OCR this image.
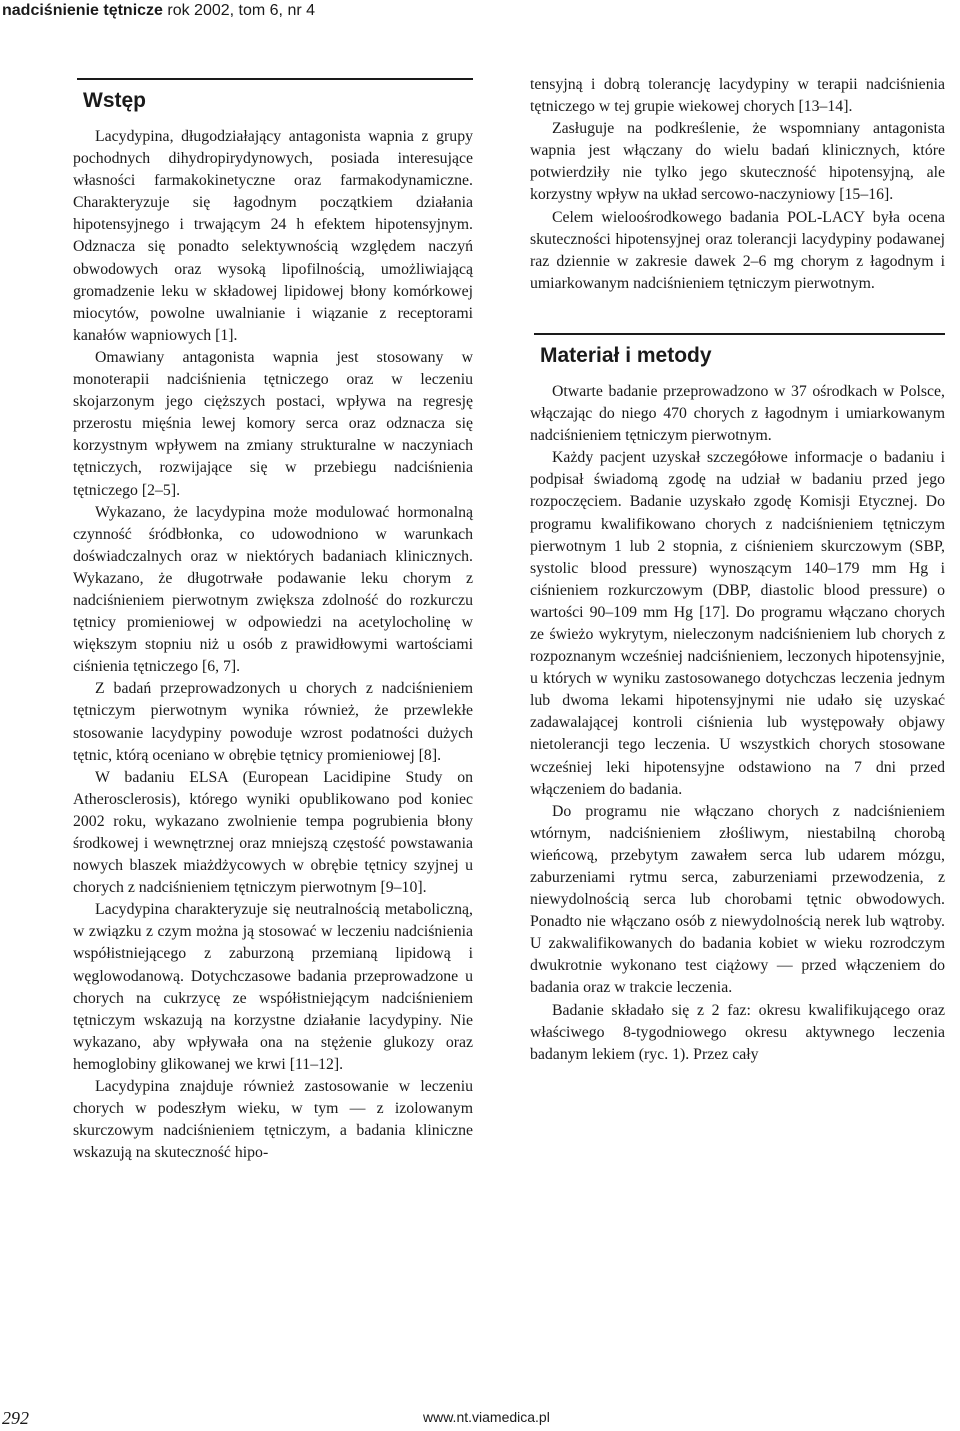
nadciśnienie tętnicze rok 2002, tom 6, nr 4
Wstęp

Lacydypina, długodziałający antagonista wapnia z grupy pochodnych dihydropirydynowych, posiada interesujące własności farmakokinetyczne oraz farmakodynamiczne. Charakteryzuje się łagodnym początkiem działania hipotensyjnego i trwającym 24 h efektem hipotensyjnym. Odznacza się ponadto selektywnością względem naczyń obwodowych oraz wysoką lipofilnością, umożliwiającą gromadzenie leku w składowej lipidowej błony komórkowej miocytów, powolne uwalnianie i wiązanie z receptorami kanałów wapniowych [1].

Omawiany antagonista wapnia jest stosowany w monoterapii nadciśnienia tętniczego oraz w leczeniu skojarzonym jego cięższych postaci, wpływa na regresję przerostu mięśnia lewej komory serca oraz odznacza się korzystnym wpływem na zmiany strukturalne w naczyniach tętniczych, rozwijające się w przebiegu nadciśnienia tętniczego [2–5].

Wykazano, że lacydypina może modulować hormonalną czynność śródbłonka, co udowodniono w warunkach doświadczalnych oraz w niektórych badaniach klinicznych. Wykazano, że długotrwałe podawanie leku chorym z nadciśnieniem pierwotnym zwiększa zdolność do rozkurczu tętnicy promieniowej w odpowiedzi na acetylocholinę w większym stopniu niż u osób z prawidłowymi wartościami ciśnienia tętniczego [6, 7].

Z badań przeprowadzonych u chorych z nadciśnieniem tętniczym pierwotnym wynika również, że przewlekłe stosowanie lacydypiny powoduje wzrost podatności dużych tętnic, którą oceniano w obrębie tętnicy promieniowej [8].

W badaniu ELSA (European Lacidipine Study on Atherosclerosis), którego wyniki opublikowano pod koniec 2002 roku, wykazano zwolnienie tempa pogrubienia błony środkowej i wewnętrznej oraz mniejszą częstość powstawania nowych blaszek miażdżycowych w obrębie tętnicy szyjnej u chorych z nadciśnieniem tętniczym pierwotnym [9–10].

Lacydypina charakteryzuje się neutralnością metaboliczną, w związku z czym można ją stosować w leczeniu nadciśnienia współistniejącego z zaburzoną przemianą lipidową i węglowodanową. Dotychczasowe badania przeprowadzone u chorych na cukrzycę ze współistniejącym nadciśnieniem tętniczym wskazują na korzystne działanie lacydypiny. Nie wykazano, aby wpływała ona na stężenie glukozy oraz hemoglobiny glikowanej we krwi [11–12].

Lacydypina znajduje również zastosowanie w leczeniu chorych w podeszłym wieku, w tym — z izolowanym skurczowym nadciśnieniem tętniczym, a badania kliniczne wskazują na skuteczność hipo-

tensyjną i dobrą tolerancję lacydypiny w terapii nadciśnienia tętniczego w tej grupie wiekowej chorych [13–14].

Zasługuje na podkreślenie, że wspomniany antagonista wapnia jest włączany do wielu badań klinicznych, które potwierdziły nie tylko jego skuteczność hipotensyjną, ale korzystny wpływ na układ sercowo-naczyniowy [15–16].

Celem wieloośrodkowego badania POL-LACY była ocena skuteczności hipotensyjnej oraz tolerancji lacydypiny podawanej raz dziennie w zakresie dawek 2–6 mg chorym z łagodnym i umiarkowanym nadciśnieniem tętniczym pierwotnym.

Materiał i metody

Otwarte badanie przeprowadzono w 37 ośrodkach w Polsce, włączając do niego 470 chorych z łagodnym i umiarkowanym nadciśnieniem tętniczym pierwotnym.

Każdy pacjent uzyskał szczegółowe informacje o badaniu i podpisał świadomą zgodę na udział w badaniu przed jego rozpoczęciem. Badanie uzyskało zgodę Komisji Etycznej. Do programu kwalifikowano chorych z nadciśnieniem tętniczym pierwotnym 1 lub 2 stopnia, z ciśnieniem skurczowym (SBP, systolic blood pressure) wynoszącym 140–179 mm Hg i ciśnieniem rozkurczowym (DBP, diastolic blood pressure) o wartości 90–109 mm Hg [17]. Do programu włączano chorych ze świeżo wykrytym, nieleczonym nadciśnieniem lub chorych z rozpoznanym wcześniej nadciśnieniem, leczonych hipotensyjnie, u których w wyniku zastosowanego dotychczas leczenia jednym lub dwoma lekami hipotensyjnymi nie udało się uzyskać zadawalającej kontroli ciśnienia lub występowały objawy nietolerancji tego leczenia. U wszystkich chorych stosowane wcześniej leki hipotensyjne odstawiono na 7 dni przed włączeniem do badania.

Do programu nie włączano chorych z nadciśnieniem wtórnym, nadciśnieniem złośliwym, niestabilną chorobą wieńcową, przebytym zawałem serca lub udarem mózgu, zaburzeniami rytmu serca, zaburzeniami przewodzenia, z niewydolnością serca lub chorobami tętnic obwodowych. Ponadto nie włączano osób z niewydolnością nerek lub wątroby. U zakwalifikowanych do badania kobiet w wieku rozrodczym dwukrotnie wykonano test ciążowy — przed włączeniem do badania oraz w trakcie leczenia.

Badanie składało się z 2 faz: okresu kwalifikującego oraz właściwego 8-tygodniowego okresu aktywnego leczenia badanym lekiem (ryc. 1). Przez cały

292	www.nt.viamedica.pl
